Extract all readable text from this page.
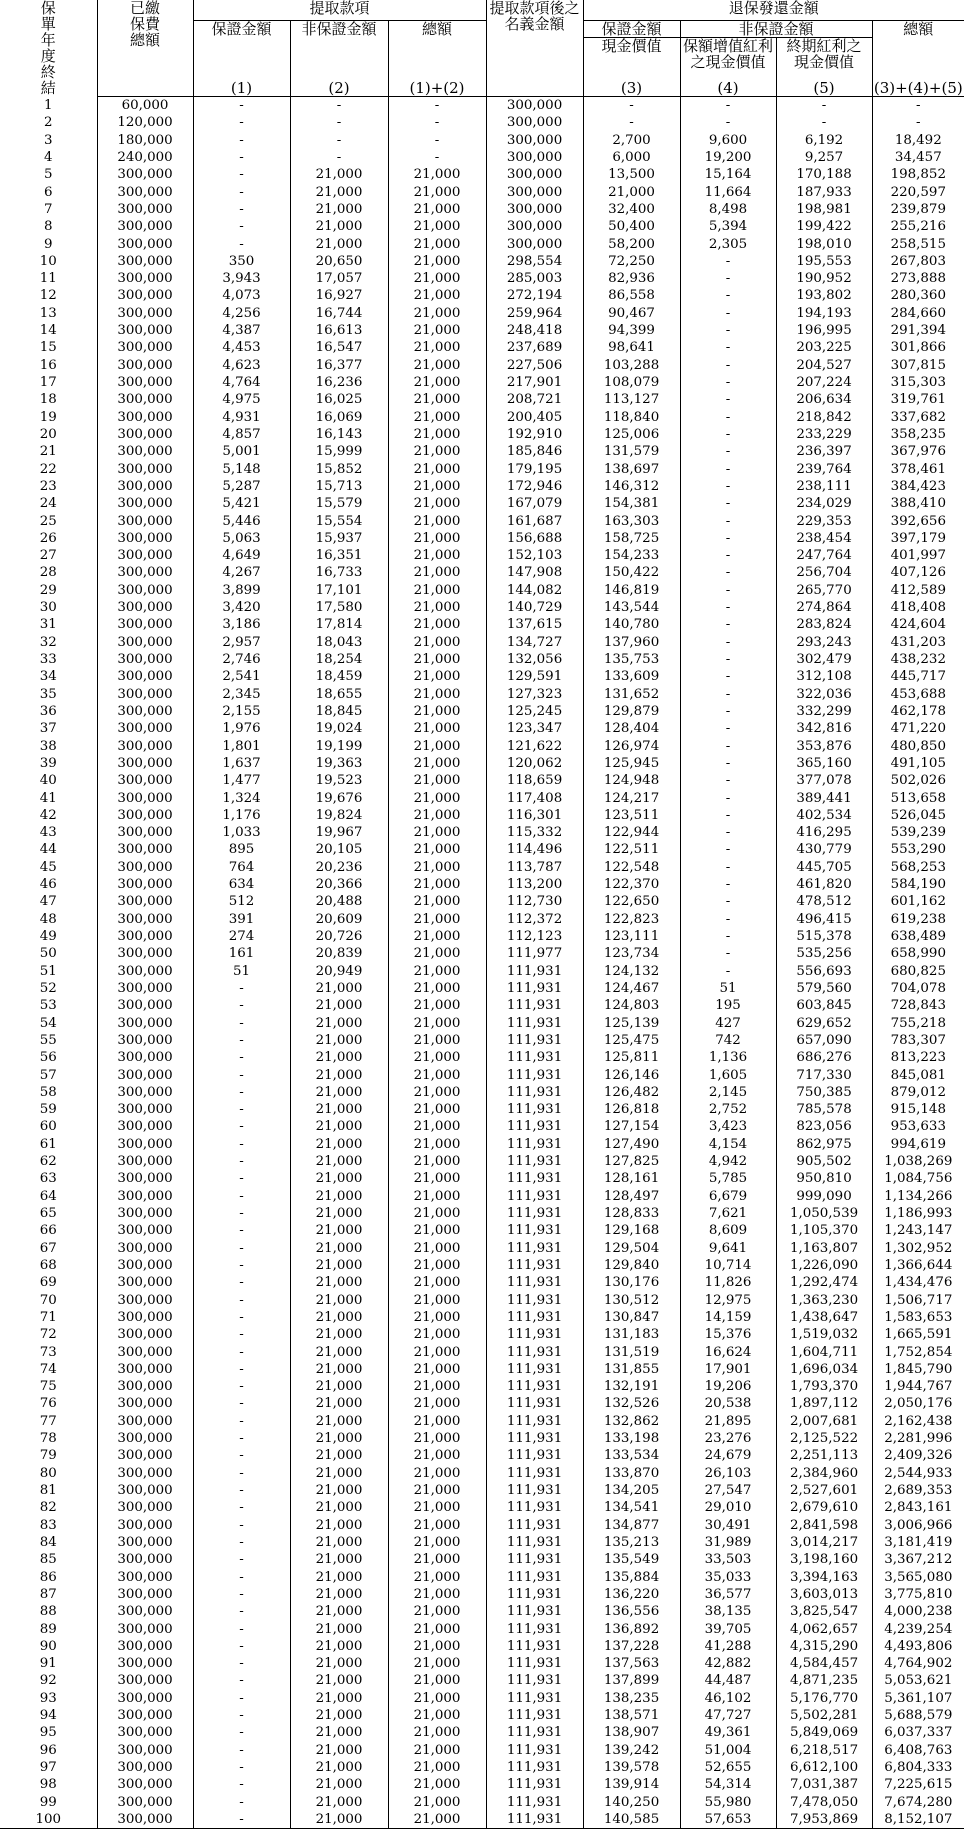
保單年度終結	已繳保費總額	提取款項			提取款項後之名義金額	退保發還金額			
		保證金額	非保證金額	總額		保證金額	非保證金額		總額
						現金價值	保額增值紅利之現金價值	終期紅利之現金價值	
		(1)	(2)	(1)+(2)		(3)	(4)	(5)	(3)+(4)+(5)
1	60,000	-	-	-	300,000	-	-	-	-
2	120,000	-	-	-	300,000	-	-	-	-
3	180,000	-	-	-	300,000	2,700	9,600	6,192	18,492
4	240,000	-	-	-	300,000	6,000	19,200	9,257	34,457
5	300,000	-	21,000	21,000	300,000	13,500	15,164	170,188	198,852
6	300,000	-	21,000	21,000	300,000	21,000	11,664	187,933	220,597
7	300,000	-	21,000	21,000	300,000	32,400	8,498	198,981	239,879
8	300,000	-	21,000	21,000	300,000	50,400	5,394	199,422	255,216
9	300,000	-	21,000	21,000	300,000	58,200	2,305	198,010	258,515
10	300,000	350	20,650	21,000	298,554	72,250	-	195,553	267,803
11	300,000	3,943	17,057	21,000	285,003	82,936	-	190,952	273,888
12	300,000	4,073	16,927	21,000	272,194	86,558	-	193,802	280,360
13	300,000	4,256	16,744	21,000	259,964	90,467	-	194,193	284,660
14	300,000	4,387	16,613	21,000	248,418	94,399	-	196,995	291,394
15	300,000	4,453	16,547	21,000	237,689	98,641	-	203,225	301,866
16	300,000	4,623	16,377	21,000	227,506	103,288	-	204,527	307,815
17	300,000	4,764	16,236	21,000	217,901	108,079	-	207,224	315,303
18	300,000	4,975	16,025	21,000	208,721	113,127	-	206,634	319,761
19	300,000	4,931	16,069	21,000	200,405	118,840	-	218,842	337,682
20	300,000	4,857	16,143	21,000	192,910	125,006	-	233,229	358,235
21	300,000	5,001	15,999	21,000	185,846	131,579	-	236,397	367,976
22	300,000	5,148	15,852	21,000	179,195	138,697	-	239,764	378,461
23	300,000	5,287	15,713	21,000	172,946	146,312	-	238,111	384,423
24	300,000	5,421	15,579	21,000	167,079	154,381	-	234,029	388,410
25	300,000	5,446	15,554	21,000	161,687	163,303	-	229,353	392,656
26	300,000	5,063	15,937	21,000	156,688	158,725	-	238,454	397,179
27	300,000	4,649	16,351	21,000	152,103	154,233	-	247,764	401,997
28	300,000	4,267	16,733	21,000	147,908	150,422	-	256,704	407,126
29	300,000	3,899	17,101	21,000	144,082	146,819	-	265,770	412,589
30	300,000	3,420	17,580	21,000	140,729	143,544	-	274,864	418,408
31	300,000	3,186	17,814	21,000	137,615	140,780	-	283,824	424,604
32	300,000	2,957	18,043	21,000	134,727	137,960	-	293,243	431,203
33	300,000	2,746	18,254	21,000	132,056	135,753	-	302,479	438,232
34	300,000	2,541	18,459	21,000	129,591	133,609	-	312,108	445,717
35	300,000	2,345	18,655	21,000	127,323	131,652	-	322,036	453,688
36	300,000	2,155	18,845	21,000	125,245	129,879	-	332,299	462,178
37	300,000	1,976	19,024	21,000	123,347	128,404	-	342,816	471,220
38	300,000	1,801	19,199	21,000	121,622	126,974	-	353,876	480,850
39	300,000	1,637	19,363	21,000	120,062	125,945	-	365,160	491,105
40	300,000	1,477	19,523	21,000	118,659	124,948	-	377,078	502,026
41	300,000	1,324	19,676	21,000	117,408	124,217	-	389,441	513,658
42	300,000	1,176	19,824	21,000	116,301	123,511	-	402,534	526,045
43	300,000	1,033	19,967	21,000	115,332	122,944	-	416,295	539,239
44	300,000	895	20,105	21,000	114,496	122,511	-	430,779	553,290
45	300,000	764	20,236	21,000	113,787	122,548	-	445,705	568,253
46	300,000	634	20,366	21,000	113,200	122,370	-	461,820	584,190
47	300,000	512	20,488	21,000	112,730	122,650	-	478,512	601,162
48	300,000	391	20,609	21,000	112,372	122,823	-	496,415	619,238
49	300,000	274	20,726	21,000	112,123	123,111	-	515,378	638,489
50	300,000	161	20,839	21,000	111,977	123,734	-	535,256	658,990
51	300,000	51	20,949	21,000	111,931	124,132	-	556,693	680,825
52	300,000	-	21,000	21,000	111,931	124,467	51	579,560	704,078
53	300,000	-	21,000	21,000	111,931	124,803	195	603,845	728,843
54	300,000	-	21,000	21,000	111,931	125,139	427	629,652	755,218
55	300,000	-	21,000	21,000	111,931	125,475	742	657,090	783,307
56	300,000	-	21,000	21,000	111,931	125,811	1,136	686,276	813,223
57	300,000	-	21,000	21,000	111,931	126,146	1,605	717,330	845,081
58	300,000	-	21,000	21,000	111,931	126,482	2,145	750,385	879,012
59	300,000	-	21,000	21,000	111,931	126,818	2,752	785,578	915,148
60	300,000	-	21,000	21,000	111,931	127,154	3,423	823,056	953,633
61	300,000	-	21,000	21,000	111,931	127,490	4,154	862,975	994,619
62	300,000	-	21,000	21,000	111,931	127,825	4,942	905,502	1,038,269
63	300,000	-	21,000	21,000	111,931	128,161	5,785	950,810	1,084,756
64	300,000	-	21,000	21,000	111,931	128,497	6,679	999,090	1,134,266
65	300,000	-	21,000	21,000	111,931	128,833	7,621	1,050,539	1,186,993
66	300,000	-	21,000	21,000	111,931	129,168	8,609	1,105,370	1,243,147
67	300,000	-	21,000	21,000	111,931	129,504	9,641	1,163,807	1,302,952
68	300,000	-	21,000	21,000	111,931	129,840	10,714	1,226,090	1,366,644
69	300,000	-	21,000	21,000	111,931	130,176	11,826	1,292,474	1,434,476
70	300,000	-	21,000	21,000	111,931	130,512	12,975	1,363,230	1,506,717
71	300,000	-	21,000	21,000	111,931	130,847	14,159	1,438,647	1,583,653
72	300,000	-	21,000	21,000	111,931	131,183	15,376	1,519,032	1,665,591
73	300,000	-	21,000	21,000	111,931	131,519	16,624	1,604,711	1,752,854
74	300,000	-	21,000	21,000	111,931	131,855	17,901	1,696,034	1,845,790
75	300,000	-	21,000	21,000	111,931	132,191	19,206	1,793,370	1,944,767
76	300,000	-	21,000	21,000	111,931	132,526	20,538	1,897,112	2,050,176
77	300,000	-	21,000	21,000	111,931	132,862	21,895	2,007,681	2,162,438
78	300,000	-	21,000	21,000	111,931	133,198	23,276	2,125,522	2,281,996
79	300,000	-	21,000	21,000	111,931	133,534	24,679	2,251,113	2,409,326
80	300,000	-	21,000	21,000	111,931	133,870	26,103	2,384,960	2,544,933
81	300,000	-	21,000	21,000	111,931	134,205	27,547	2,527,601	2,689,353
82	300,000	-	21,000	21,000	111,931	134,541	29,010	2,679,610	2,843,161
83	300,000	-	21,000	21,000	111,931	134,877	30,491	2,841,598	3,006,966
84	300,000	-	21,000	21,000	111,931	135,213	31,989	3,014,217	3,181,419
85	300,000	-	21,000	21,000	111,931	135,549	33,503	3,198,160	3,367,212
86	300,000	-	21,000	21,000	111,931	135,884	35,033	3,394,163	3,565,080
87	300,000	-	21,000	21,000	111,931	136,220	36,577	3,603,013	3,775,810
88	300,000	-	21,000	21,000	111,931	136,556	38,135	3,825,547	4,000,238
89	300,000	-	21,000	21,000	111,931	136,892	39,705	4,062,657	4,239,254
90	300,000	-	21,000	21,000	111,931	137,228	41,288	4,315,290	4,493,806
91	300,000	-	21,000	21,000	111,931	137,563	42,882	4,584,457	4,764,902
92	300,000	-	21,000	21,000	111,931	137,899	44,487	4,871,235	5,053,621
93	300,000	-	21,000	21,000	111,931	138,235	46,102	5,176,770	5,361,107
94	300,000	-	21,000	21,000	111,931	138,571	47,727	5,502,281	5,688,579
95	300,000	-	21,000	21,000	111,931	138,907	49,361	5,849,069	6,037,337
96	300,000	-	21,000	21,000	111,931	139,242	51,004	6,218,517	6,408,763
97	300,000	-	21,000	21,000	111,931	139,578	52,655	6,612,100	6,804,333
98	300,000	-	21,000	21,000	111,931	139,914	54,314	7,031,387	7,225,615
99	300,000	-	21,000	21,000	111,931	140,250	55,980	7,478,050	7,674,280
100	300,000	-	21,000	21,000	111,931	140,585	57,653	7,953,869	8,152,107
